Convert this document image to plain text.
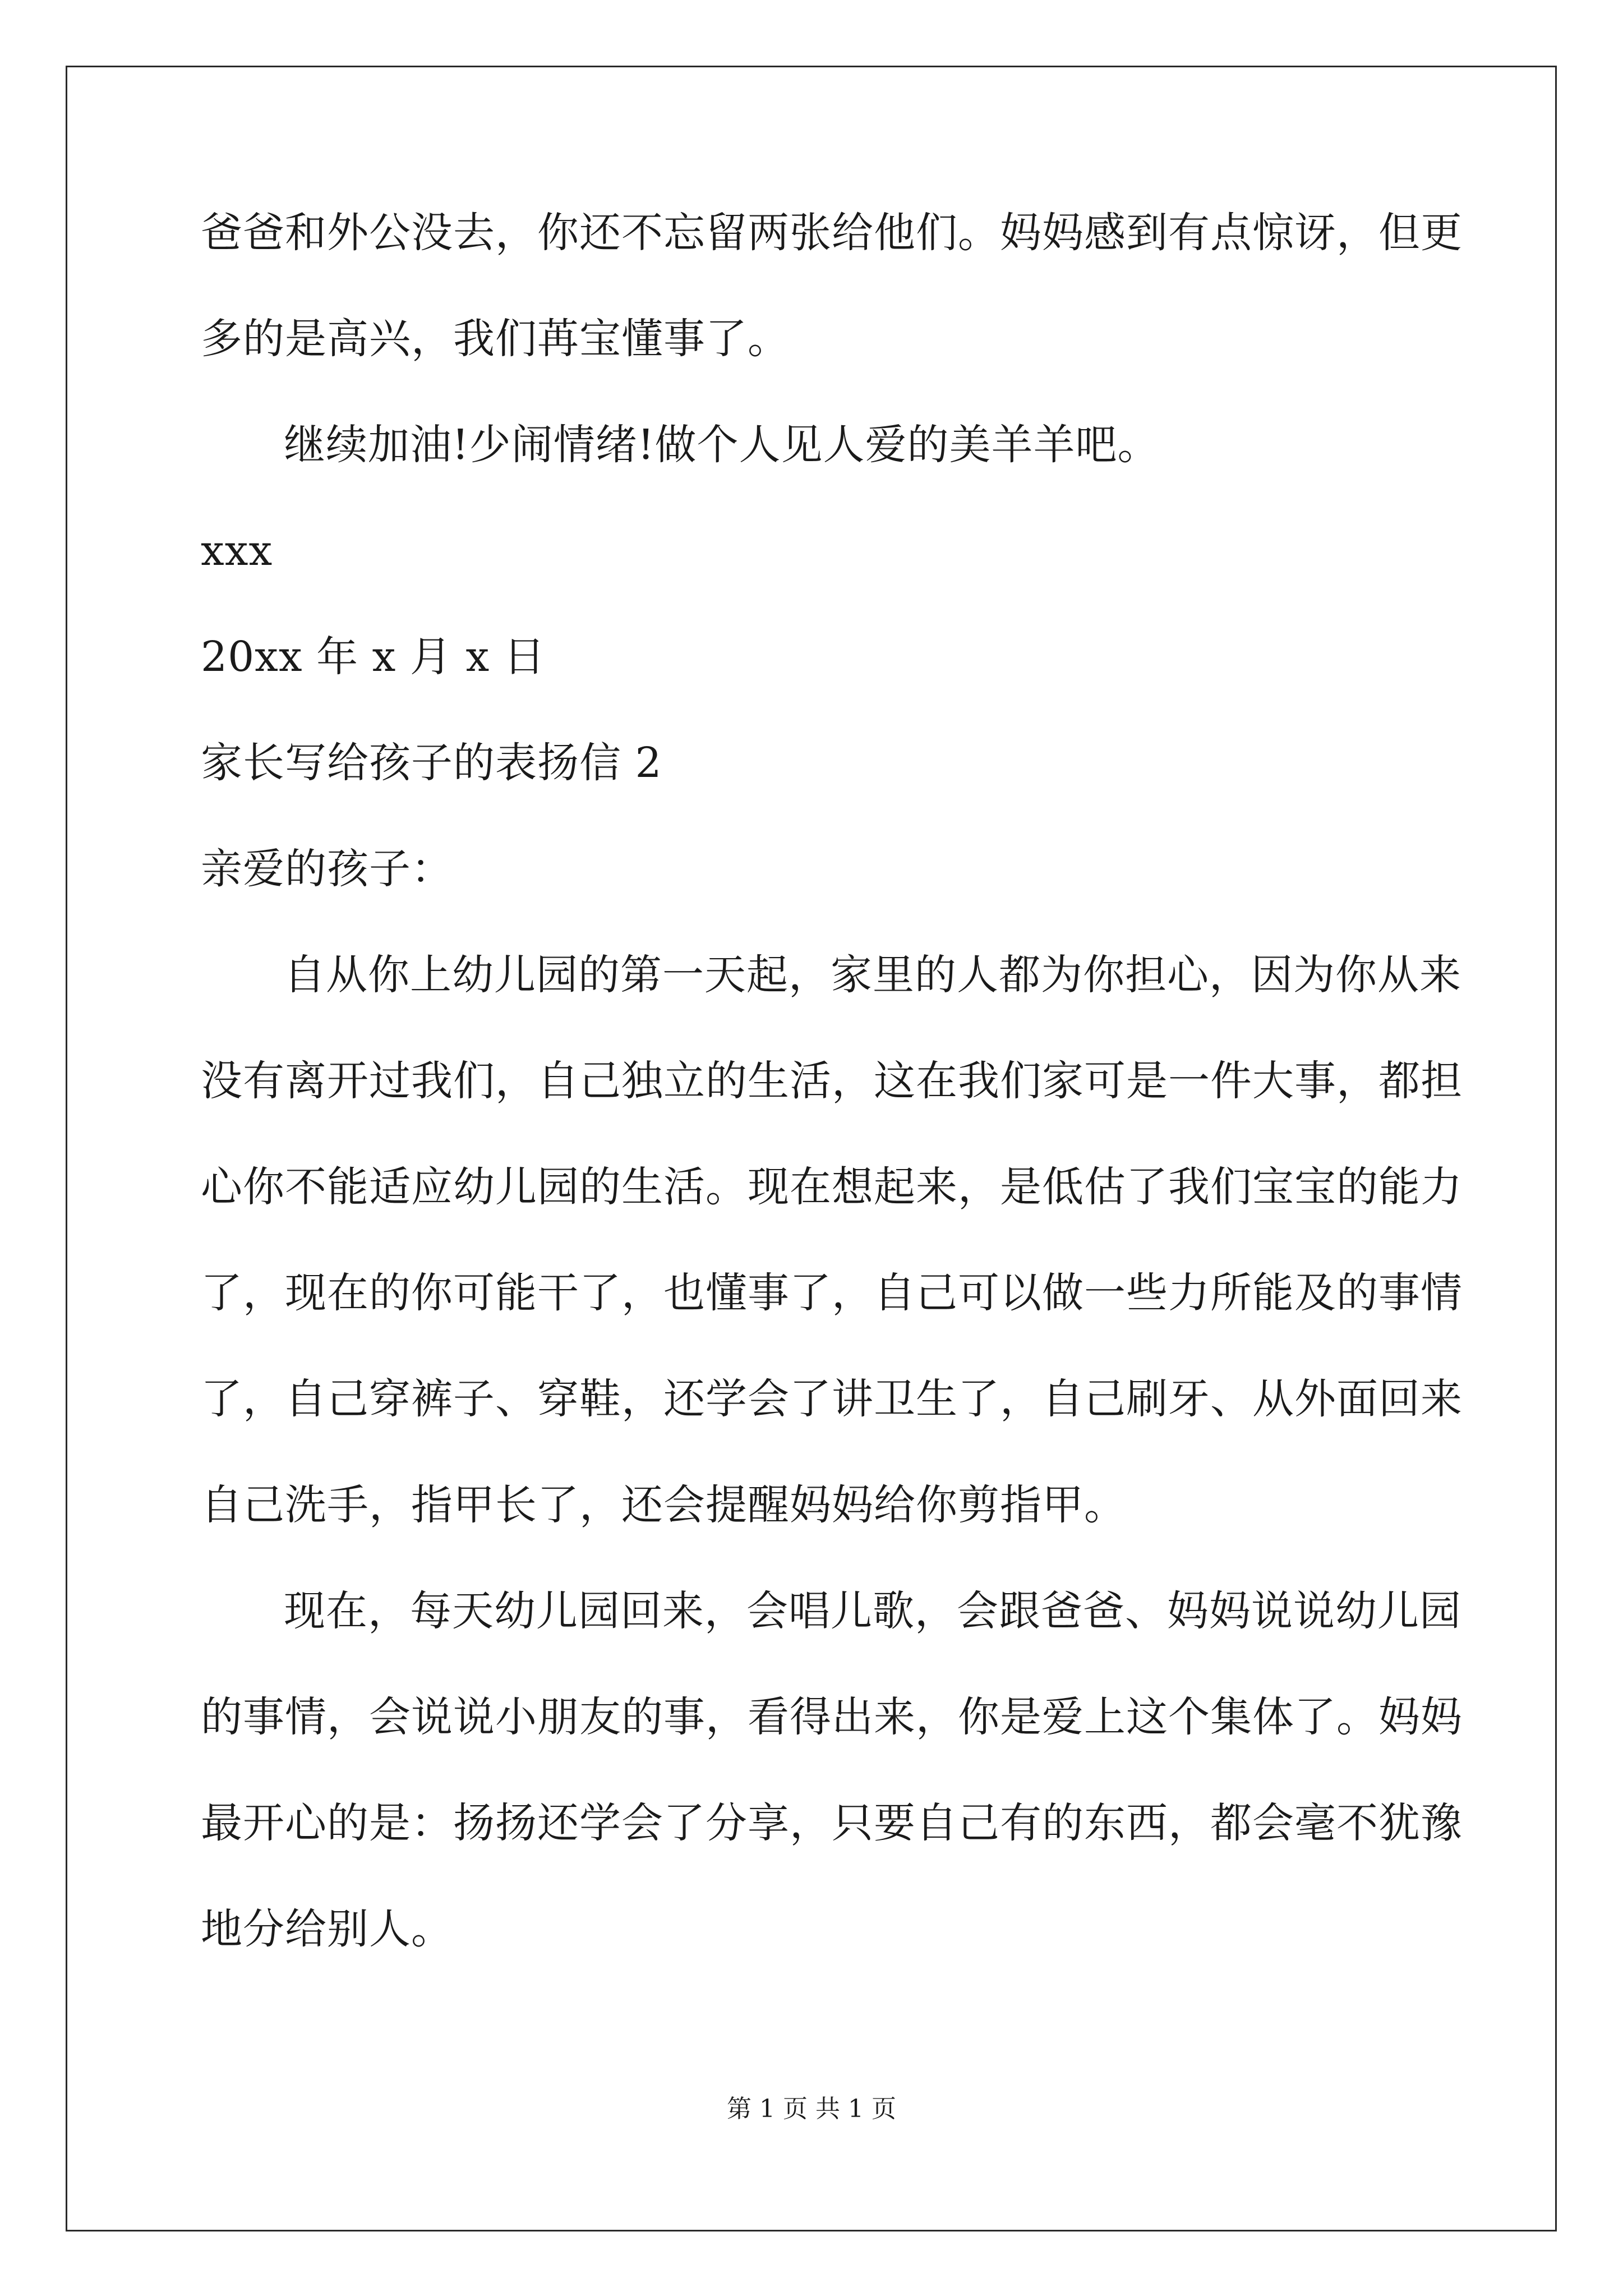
爸爸和外公没去，你还不忘留两张给他们。妈妈感到有点惊讶，但更
多的是高兴，我们苒宝懂事了。
继续加油!少闹情绪!做个人见人爱的美羊羊吧。
xxx
20xx 年 x 月 x 日
家长写给孩子的表扬信 2
亲爱的孩子：
自从你上幼儿园的第一天起，家里的人都为你担心，因为你从来
没有离开过我们，自己独立的生活，这在我们家可是一件大事，都担
心你不能适应幼儿园的生活。现在想起来，是低估了我们宝宝的能力
了，现在的你可能干了，也懂事了，自己可以做一些力所能及的事情
了，自己穿裤子、穿鞋，还学会了讲卫生了，自己刷牙、从外面回来
自己洗手，指甲长了，还会提醒妈妈给你剪指甲。
现在，每天幼儿园回来，会唱儿歌，会跟爸爸、妈妈说说幼儿园
的事情，会说说小朋友的事，看得出来，你是爱上这个集体了。妈妈
最开心的是：扬扬还学会了分享，只要自己有的东西，都会毫不犹豫
地分给别人。
第 1 页 共 1 页
